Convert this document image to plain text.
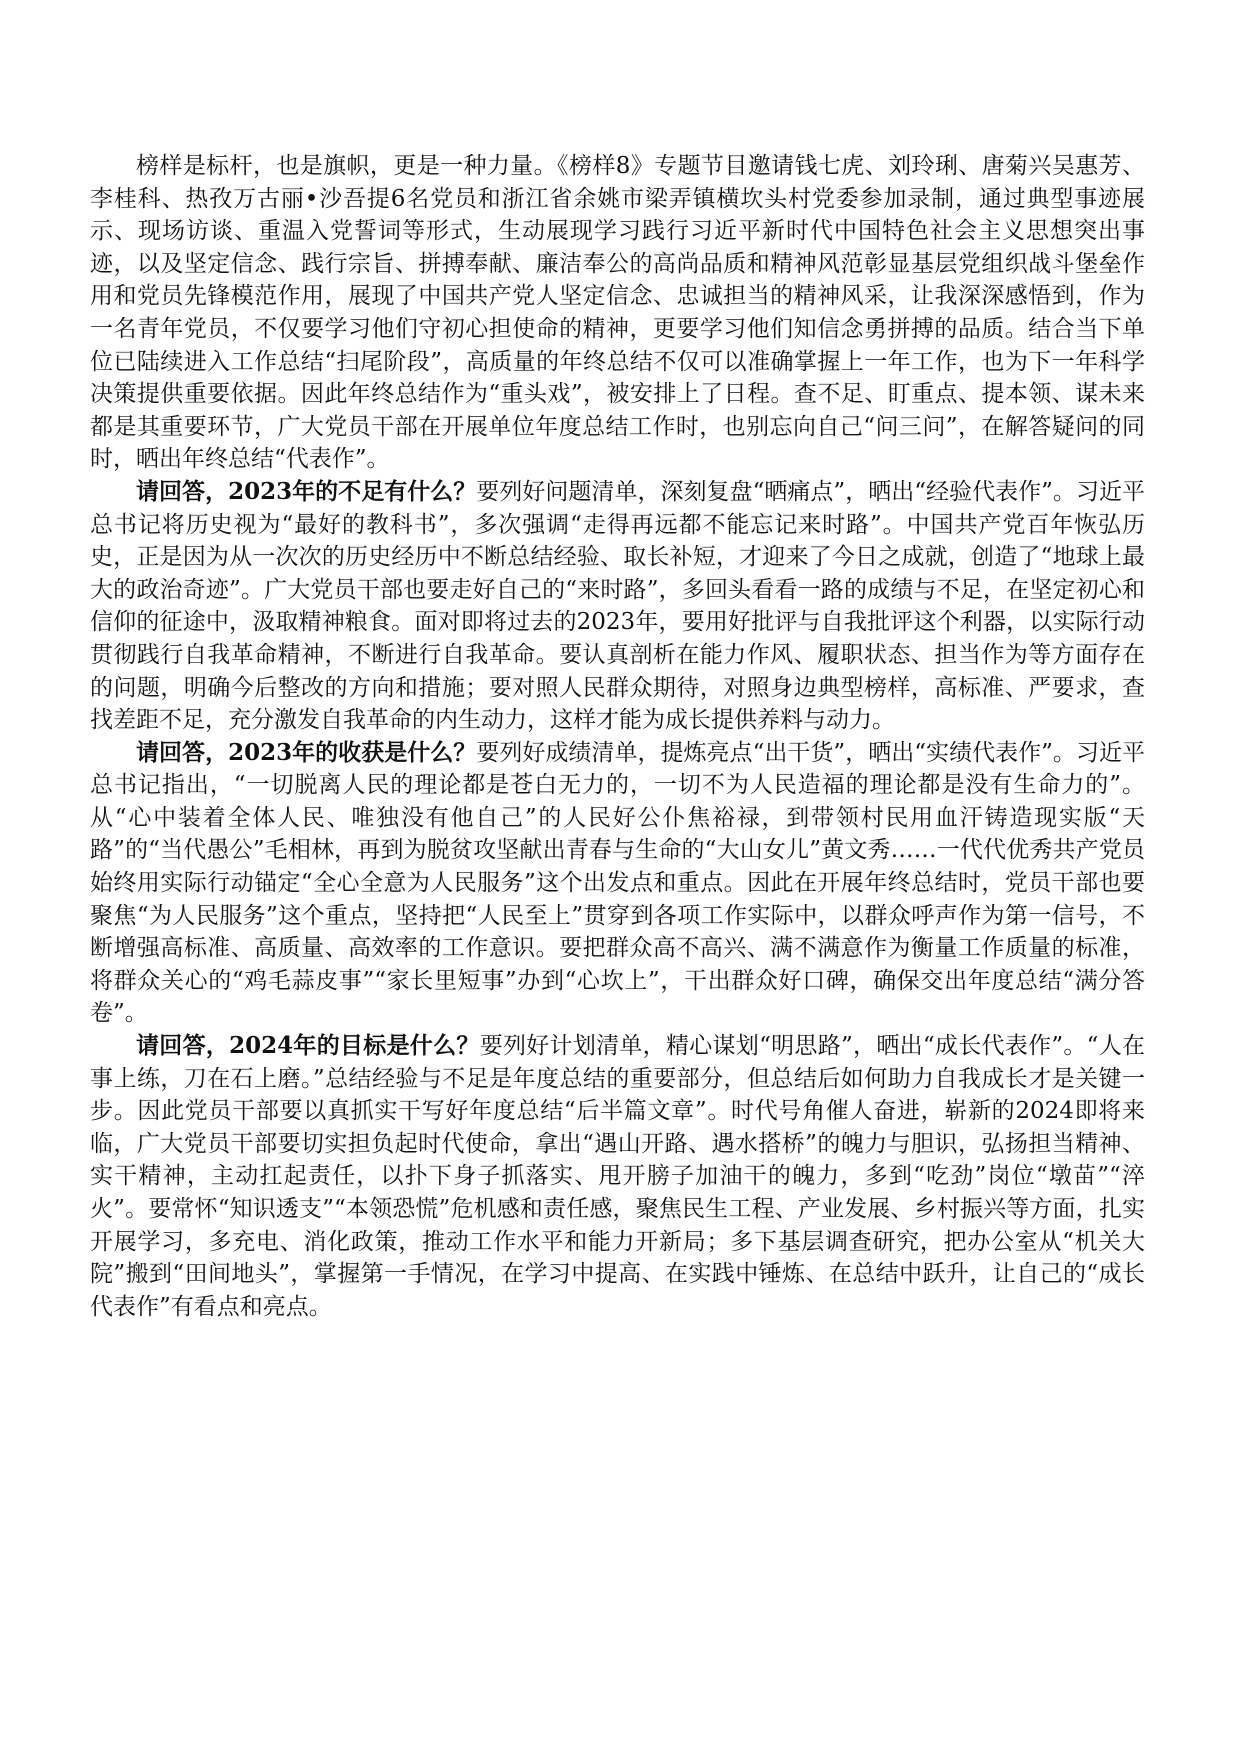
榜样是标杆，也是旗帜，更是一种力量。《榜样8》专题节目邀请钱七虎、刘玲琍、唐菊兴吴惠芳、李桂科、热孜万古丽•沙吾提6名党员和浙江省余姚市梁弄镇横坎头村党委参加录制，通过典型事迹展示、现场访谈、重温入党誓词等形式，生动展现学习践行习近平新时代中国特色社会主义思想突出事迹，以及坚定信念、践行宗旨、拼搏奉献、廉洁奉公的高尚品质和精神风范彰显基层党组织战斗堡垒作用和党员先锋模范作用，展现了中国共产党人坚定信念、忠诚担当的精神风采，让我深深感悟到，作为一名青年党员，不仅要学习他们守初心担使命的精神，更要学习他们知信念勇拼搏的品质。结合当下单位已陆续进入工作总结“扫尾阶段”，高质量的年终总结不仅可以准确掌握上一年工作，也为下一年科学决策提供重要依据。因此年终总结作为“重头戏”，被安排上了日程。查不足、盯重点、提本领、谋未来都是其重要环节，广大党员干部在开展单位年度总结工作时，也别忘向自己“问三问”，在解答疑问的同时，晒出年终总结“代表作”。

请回答，2023年的不足有什么？要列好问题清单，深刻复盘“晒痛点”，晒出“经验代表作”。习近平总书记将历史视为“最好的教科书”，多次强调“走得再远都不能忘记来时路”。中国共产党百年恢弘历史，正是因为从一次次的历史经历中不断总结经验、取长补短，才迎来了今日之成就，创造了“地球上最大的政治奇迹”。广大党员干部也要走好自己的“来时路”，多回头看看一路的成绩与不足，在坚定初心和信仰的征途中，汲取精神粮食。面对即将过去的2023年，要用好批评与自我批评这个利器，以实际行动贯彻践行自我革命精神，不断进行自我革命。要认真剖析在能力作风、履职状态、担当作为等方面存在的问题，明确今后整改的方向和措施；要对照人民群众期待，对照身边典型榜样，高标准、严要求，查找差距不足，充分激发自我革命的内生动力，这样才能为成长提供养料与动力。

请回答，2023年的收获是什么？要列好成绩清单，提炼亮点“出干货”，晒出“实绩代表作”。习近平总书记指出，“一切脱离人民的理论都是苍白无力的，一切不为人民造福的理论都是没有生命力的”。从“心中装着全体人民、唯独没有他自己”的人民好公仆焦裕禄，到带领村民用血汗铸造现实版“天路”的“当代愚公”毛相林，再到为脱贫攻坚献出青春与生命的“大山女儿”黄文秀……一代代优秀共产党员始终用实际行动锚定“全心全意为人民服务”这个出发点和重点。因此在开展年终总结时，党员干部也要聚焦“为人民服务”这个重点，坚持把“人民至上”贯穿到各项工作实际中，以群众呼声作为第一信号，不断增强高标准、高质量、高效率的工作意识。要把群众高不高兴、满不满意作为衡量工作质量的标准，将群众关心的“鸡毛蒜皮事”“家长里短事”办到“心坎上”，干出群众好口碑，确保交出年度总结“满分答卷”。

请回答，2024年的目标是什么？要列好计划清单，精心谋划“明思路”，晒出“成长代表作”。“人在事上练，刀在石上磨。”总结经验与不足是年度总结的重要部分，但总结后如何助力自我成长才是关键一步。因此党员干部要以真抓实干写好年度总结“后半篇文章”。时代号角催人奋进，崭新的2024即将来临，广大党员干部要切实担负起时代使命，拿出“遇山开路、遇水搭桥”的魄力与胆识，弘扬担当精神、实干精神，主动扛起责任，以扑下身子抓落实、甩开膀子加油干的魄力，多到“吃劲”岗位“墩苗”“淬火”。要常怀“知识透支”“本领恐慌”危机感和责任感，聚焦民生工程、产业发展、乡村振兴等方面，扎实开展学习，多充电、消化政策，推动工作水平和能力开新局；多下基层调查研究，把办公室从“机关大院”搬到“田间地头”，掌握第一手情况，在学习中提高、在实践中锤炼、在总结中跃升，让自己的“成长代表作”有看点和亮点。
